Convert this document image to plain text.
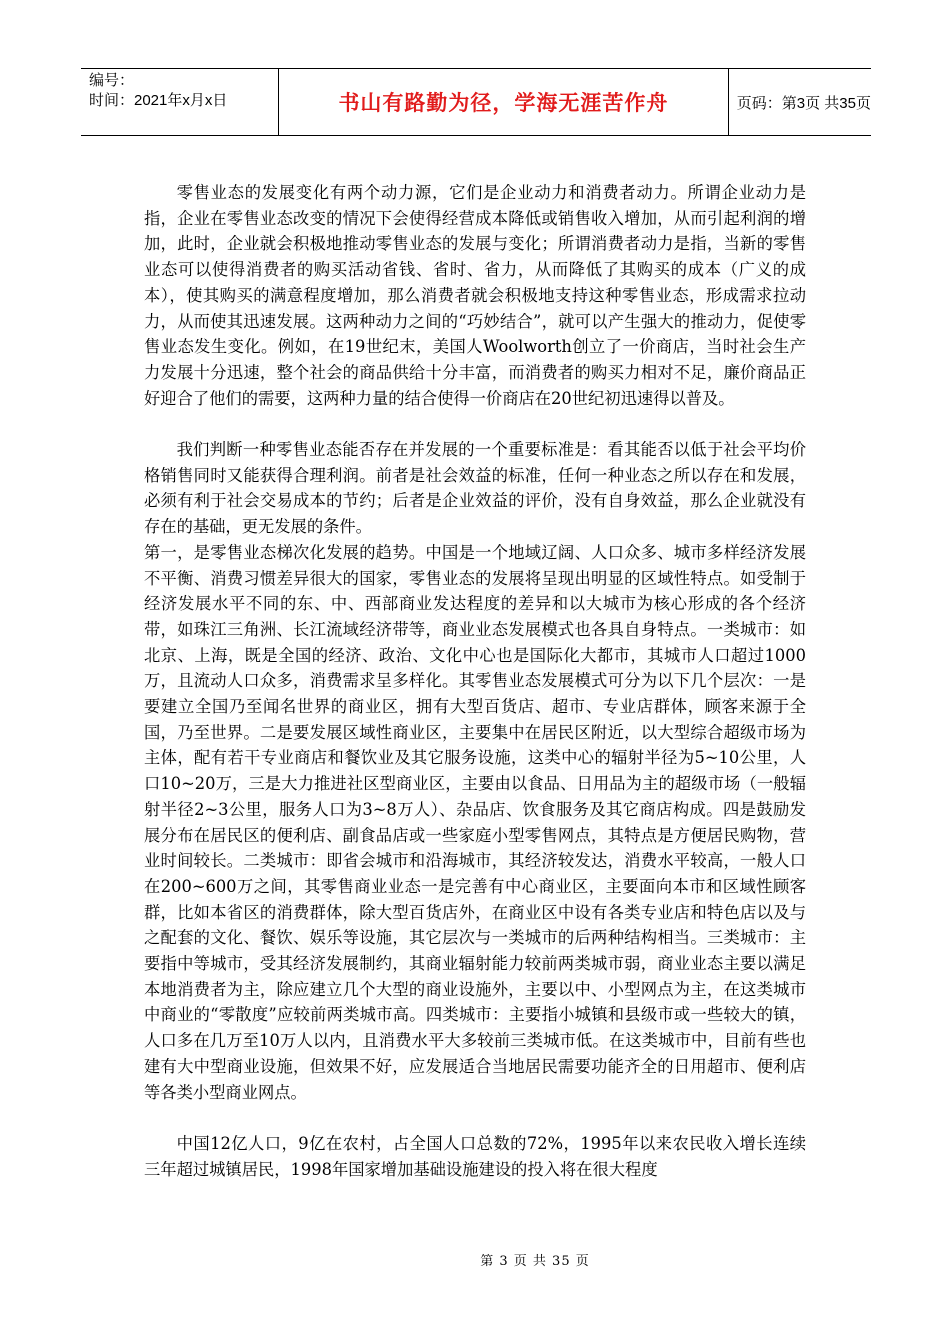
编号：
时间：2021年x月x日	书山有路勤为径，学海无涯苦作舟	页码：第3页 共35页

零售业态的发展变化有两个动力源，它们是企业动力和消费者动力。所谓企业动力是指，企业在零售业态改变的情况下会使得经营成本降低或销售收入增加，从而引起利润的增加，此时，企业就会积极地推动零售业态的发展与变化；所谓消费者动力是指，当新的零售业态可以使得消费者的购买活动省钱、省时、省力，从而降低了其购买的成本（广义的成本），使其购买的满意程度增加，那么消费者就会积极地支持这种零售业态，形成需求拉动力，从而使其迅速发展。这两种动力之间的“巧妙结合”，就可以产生强大的推动力，促使零售业态发生变化。例如，在19世纪末，美国人Woolworth创立了一价商店，当时社会生产力发展十分迅速，整个社会的商品供给十分丰富，而消费者的购买力相对不足，廉价商品正好迎合了他们的需要，这两种力量的结合使得一价商店在20世纪初迅速得以普及。

我们判断一种零售业态能否存在并发展的一个重要标准是：看其能否以低于社会平均价格销售同时又能获得合理利润。前者是社会效益的标准，任何一种业态之所以存在和发展，必须有利于社会交易成本的节约；后者是企业效益的评价，没有自身效益，那么企业就没有存在的基础，更无发展的条件。

第一，是零售业态梯次化发展的趋势。中国是一个地域辽阔、人口众多、城市多样经济发展不平衡、消费习惯差异很大的国家，零售业态的发展将呈现出明显的区域性特点。如受制于经济发展水平不同的东、中、西部商业发达程度的差异和以大城市为核心形成的各个经济带，如珠江三角洲、长江流域经济带等，商业业态发展模式也各具自身特点。一类城市：如北京、上海，既是全国的经济、政治、文化中心也是国际化大都市，其城市人口超过1000万，且流动人口众多，消费需求呈多样化。其零售业态发展模式可分为以下几个层次：一是要建立全国乃至闻名世界的商业区，拥有大型百货店、超市、专业店群体，顾客来源于全国，乃至世界。二是要发展区域性商业区，主要集中在居民区附近，以大型综合超级市场为主体，配有若干专业商店和餐饮业及其它服务设施，这类中心的辐射半径为5~10公里，人口10~20万，三是大力推进社区型商业区，主要由以食品、日用品为主的超级市场（一般辐射半径2~3公里，服务人口为3~8万人）、杂品店、饮食服务及其它商店构成。四是鼓励发展分布在居民区的便利店、副食品店或一些家庭小型零售网点，其特点是方便居民购物，营业时间较长。二类城市：即省会城市和沿海城市，其经济较发达，消费水平较高，一般人口在200~600万之间，其零售商业业态一是完善有中心商业区，主要面向本市和区域性顾客群，比如本省区的消费群体，除大型百货店外，在商业区中设有各类专业店和特色店以及与之配套的文化、餐饮、娱乐等设施，其它层次与一类城市的后两种结构相当。三类城市：主要指中等城市，受其经济发展制约，其商业辐射能力较前两类城市弱，商业业态主要以满足本地消费者为主，除应建立几个大型的商业设施外，主要以中、小型网点为主，在这类城市中商业的“零散度”应较前两类城市高。四类城市：主要指小城镇和县级市或一些较大的镇，人口多在几万至10万人以内，且消费水平大多较前三类城市低。在这类城市中，目前有些也建有大中型商业设施，但效果不好，应发展适合当地居民需要功能齐全的日用超市、便利店等各类小型商业网点。

中国12亿人口，9亿在农村，占全国人口总数的72%，1995年以来农民收入增长连续三年超过城镇居民，1998年国家增加基础设施建设的投入将在很大程度

第 3 页 共 35 页
